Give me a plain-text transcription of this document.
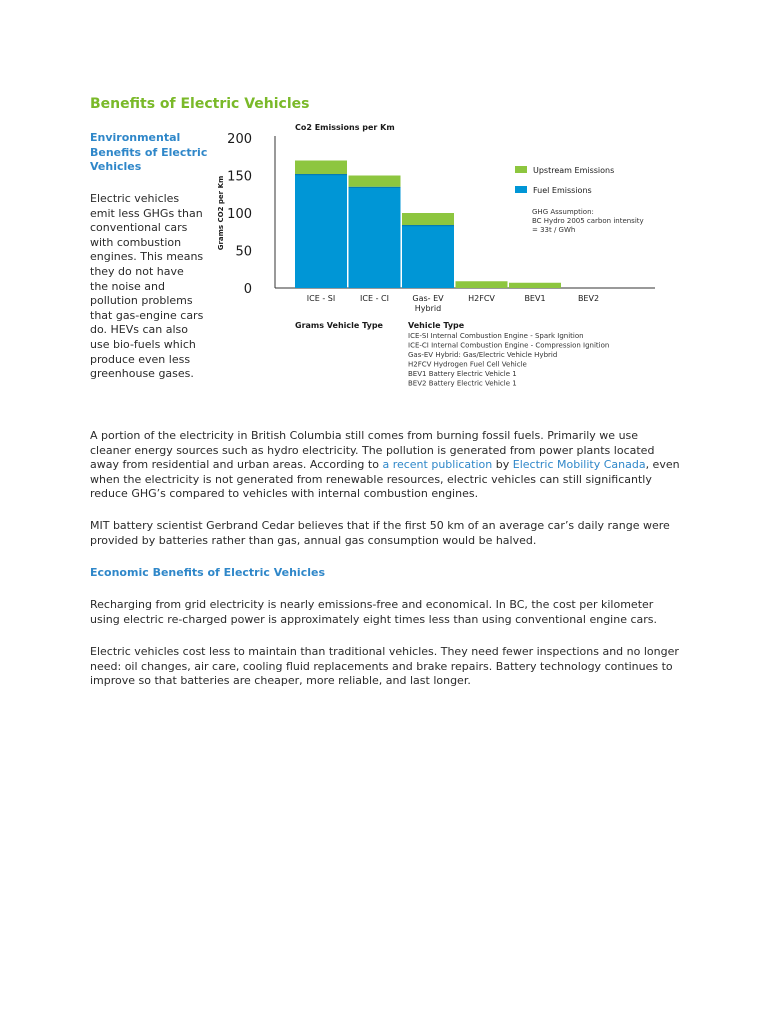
Benefits of Electric Vehicles
Environmental Benefits of Electric Vehicles

Electric vehicles emit less GHGs than conventional cars with combustion engines. This means they do not have the noise and pollution problems that gas-engine cars do. HEVs can also use bio-fuels which produce even less greenhouse gases.

Co2 Emissions per Km
Grams CO2 per Km
0
50
100
150
200
ICE - SI	ICE - CI	Gas- EV
Hybrid
H2FCV	BEV1	BEV2
Upstream Emissions
Fuel Emissions
GHG Assumption:
BC Hydro 2005 carbon intensity
= 33t / GWh
Grams Vehicle Type	Vehicle Type
ICE-SI Internal Combustion Engine - Spark Ignition
ICE-CI Internal Combustion Engine - Compression Ignition
Gas-EV Hybrid: Gas/Electric Vehicle Hybrid
H2FCV Hydrogen Fuel Cell Vehicle
BEV1 Battery Electric Vehicle 1
BEV2 Battery Electric Vehicle 1

A portion of the electricity in British Columbia still comes from burning fossil fuels. Primarily we use cleaner energy sources such as hydro electricity. The pollution is generated from power plants located away from residential and urban areas. According to a recent publication by Electric Mobility Canada, even when the electricity is not generated from renewable resources, electric vehicles can still significantly reduce GHG’s compared to vehicles with internal combustion engines.

MIT battery scientist Gerbrand Cedar believes that if the first 50 km of an average car’s daily range were provided by batteries rather than gas, annual gas consumption would be halved.

Economic Benefits of Electric Vehicles

Recharging from grid electricity is nearly emissions-free and economical. In BC, the cost per kilometer using electric re-charged power is approximately eight times less than using conventional engine cars.

Electric vehicles cost less to maintain than traditional vehicles. They need fewer inspections and no longer need: oil changes, air care, cooling fluid replacements and brake repairs. Battery technology continues to improve so that batteries are cheaper, more reliable, and last longer.
